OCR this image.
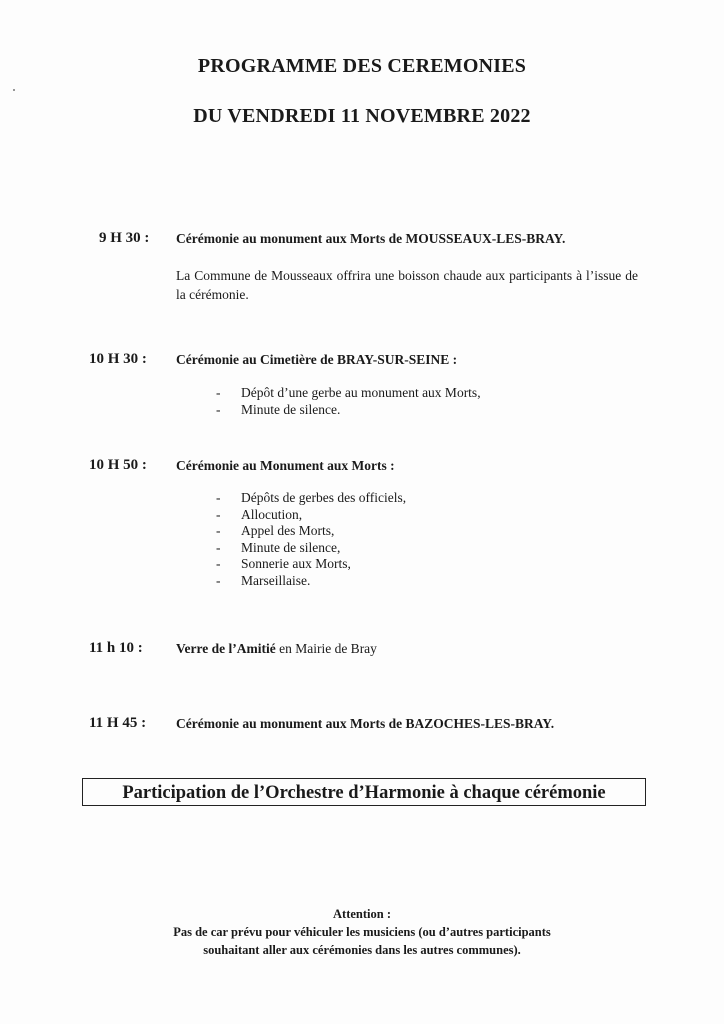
PROGRAMME DES CEREMONIES
DU VENDREDI 11 NOVEMBRE 2022
9 H 30 : Cérémonie au monument aux Morts de MOUSSEAUX-LES-BRAY.
La Commune de Mousseaux offrira une boisson chaude aux participants à l’issue de la cérémonie.
10 H 30 : Cérémonie au Cimetière de BRAY-SUR-SEINE :
- Dépôt d’une gerbe au monument aux Morts,
- Minute de silence.
10 H 50 : Cérémonie au Monument aux Morts :
- Dépôts de gerbes des officiels,
- Allocution,
- Appel des Morts,
- Minute de silence,
- Sonnerie aux Morts,
- Marseillaise.
11 h 10 : Verre de l’Amitié en Mairie de Bray
11 H 45 : Cérémonie au monument aux Morts de BAZOCHES-LES-BRAY.
Participation de l’Orchestre d’Harmonie à chaque cérémonie
Attention :
Pas de car prévu pour véhiculer les musiciens (ou d’autres participants
souhaitant aller aux cérémonies dans les autres communes).
